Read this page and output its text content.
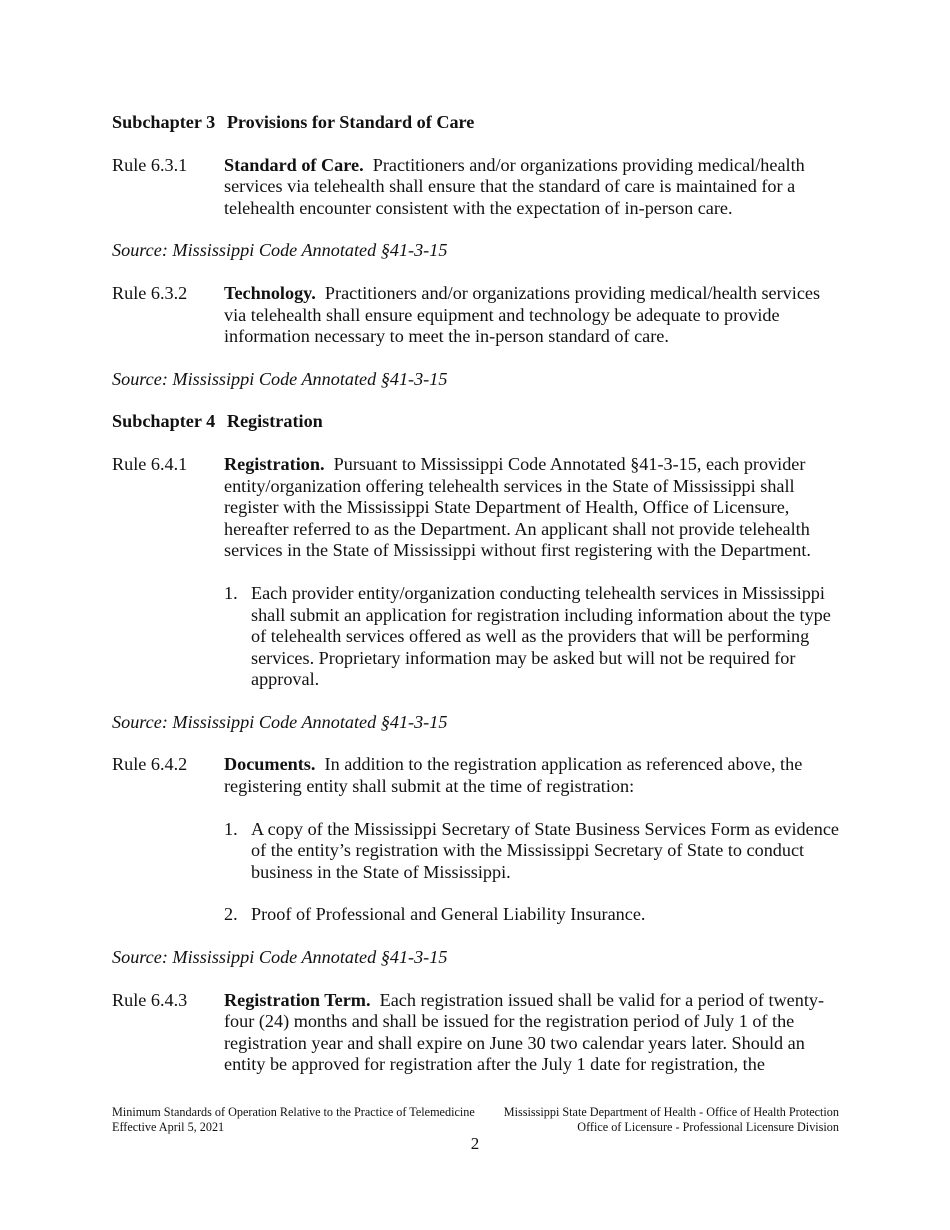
Subchapter 3 Provisions for Standard of Care
Rule 6.3.1	Standard of Care. Practitioners and/or organizations providing medical/health services via telehealth shall ensure that the standard of care is maintained for a telehealth encounter consistent with the expectation of in-person care.
Source: Mississippi Code Annotated §41-3-15
Rule 6.3.2	Technology. Practitioners and/or organizations providing medical/health services via telehealth shall ensure equipment and technology be adequate to provide information necessary to meet the in-person standard of care.
Source: Mississippi Code Annotated §41-3-15
Subchapter 4 Registration
Rule 6.4.1	Registration. Pursuant to Mississippi Code Annotated §41-3-15, each provider entity/organization offering telehealth services in the State of Mississippi shall register with the Mississippi State Department of Health, Office of Licensure, hereafter referred to as the Department. An applicant shall not provide telehealth services in the State of Mississippi without first registering with the Department.
1. Each provider entity/organization conducting telehealth services in Mississippi shall submit an application for registration including information about the type of telehealth services offered as well as the providers that will be performing services. Proprietary information may be asked but will not be required for approval.
Source: Mississippi Code Annotated §41-3-15
Rule 6.4.2	Documents. In addition to the registration application as referenced above, the registering entity shall submit at the time of registration:
1. A copy of the Mississippi Secretary of State Business Services Form as evidence of the entity’s registration with the Mississippi Secretary of State to conduct business in the State of Mississippi.
2. Proof of Professional and General Liability Insurance.
Source: Mississippi Code Annotated §41-3-15
Rule 6.4.3	Registration Term. Each registration issued shall be valid for a period of twenty-four (24) months and shall be issued for the registration period of July 1 of the registration year and shall expire on June 30 two calendar years later. Should an entity be approved for registration after the July 1 date for registration, the
Minimum Standards of Operation Relative to the Practice of Telemedicine
Effective April 5, 2021
Mississippi State Department of Health - Office of Health Protection
Office of Licensure - Professional Licensure Division
2
